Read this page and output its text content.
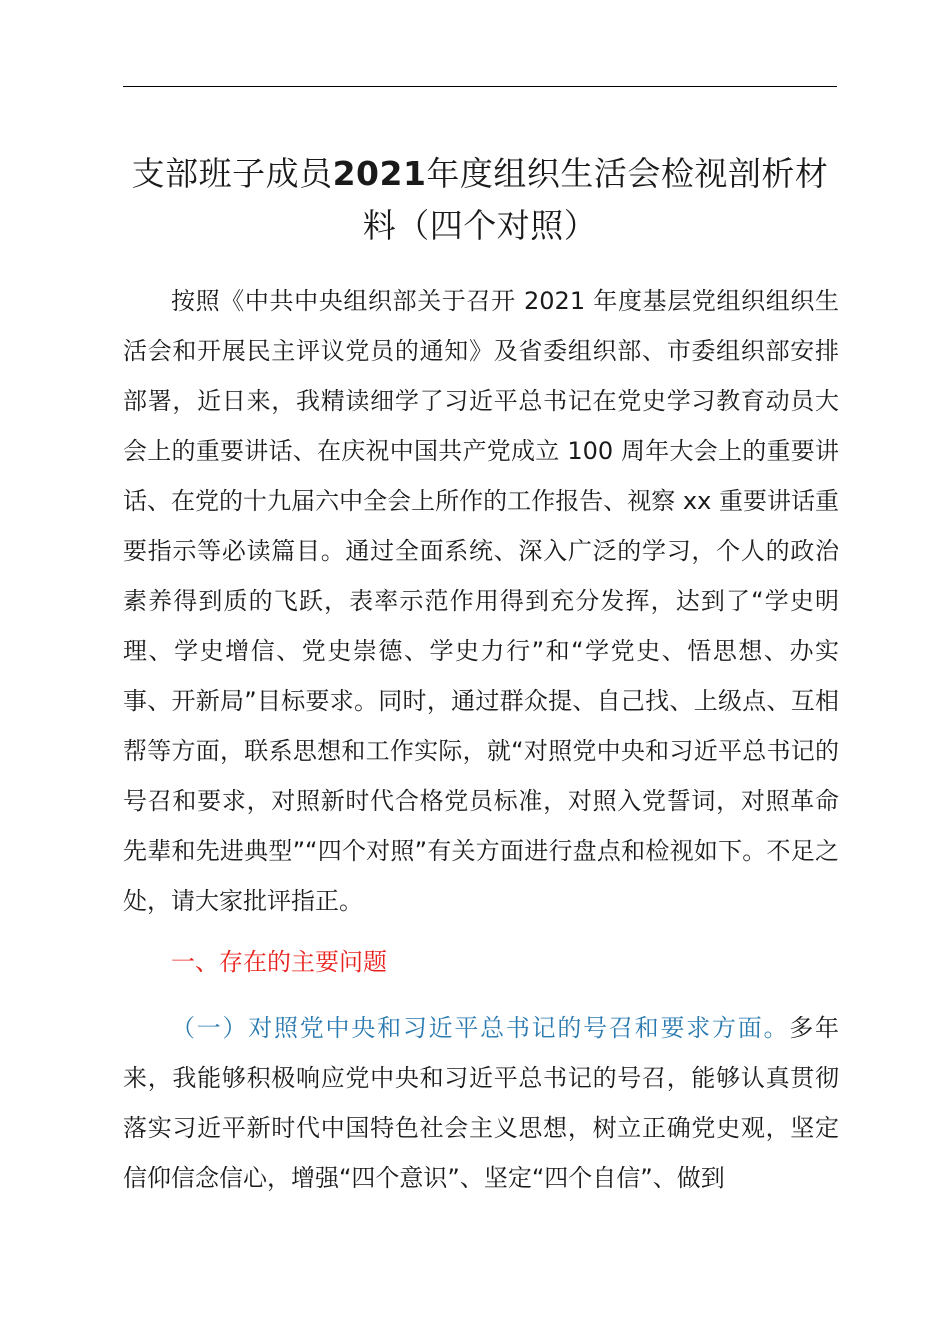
支部班子成员2021年度组织生活会检视剖析材料（四个对照）

按照《中共中央组织部关于召开 2021 年度基层党组织组织生活会和开展民主评议党员的通知》及省委组织部、市委组织部安排部署，近日来，我精读细学了习近平总书记在党史学习教育动员大会上的重要讲话、在庆祝中国共产党成立 100 周年大会上的重要讲话、在党的十九届六中全会上所作的工作报告、视察 xx 重要讲话重要指示等必读篇目。通过全面系统、深入广泛的学习，个人的政治素养得到质的飞跃，表率示范作用得到充分发挥，达到了“学史明理、学史增信、党史崇德、学史力行”和“学党史、悟思想、办实事、开新局”目标要求。同时，通过群众提、自己找、上级点、互相帮等方面，联系思想和工作实际，就“对照党中央和习近平总书记的号召和要求，对照新时代合格党员标准，对照入党誓词，对照革命先辈和先进典型”“四个对照”有关方面进行盘点和检视如下。不足之处，请大家批评指正。

一、存在的主要问题

（一）对照党中央和习近平总书记的号召和要求方面。多年来，我能够积极响应党中央和习近平总书记的号召，能够认真贯彻落实习近平新时代中国特色社会主义思想，树立正确党史观，坚定信仰信念信心，增强“四个意识”、坚定“四个自信”、做到
